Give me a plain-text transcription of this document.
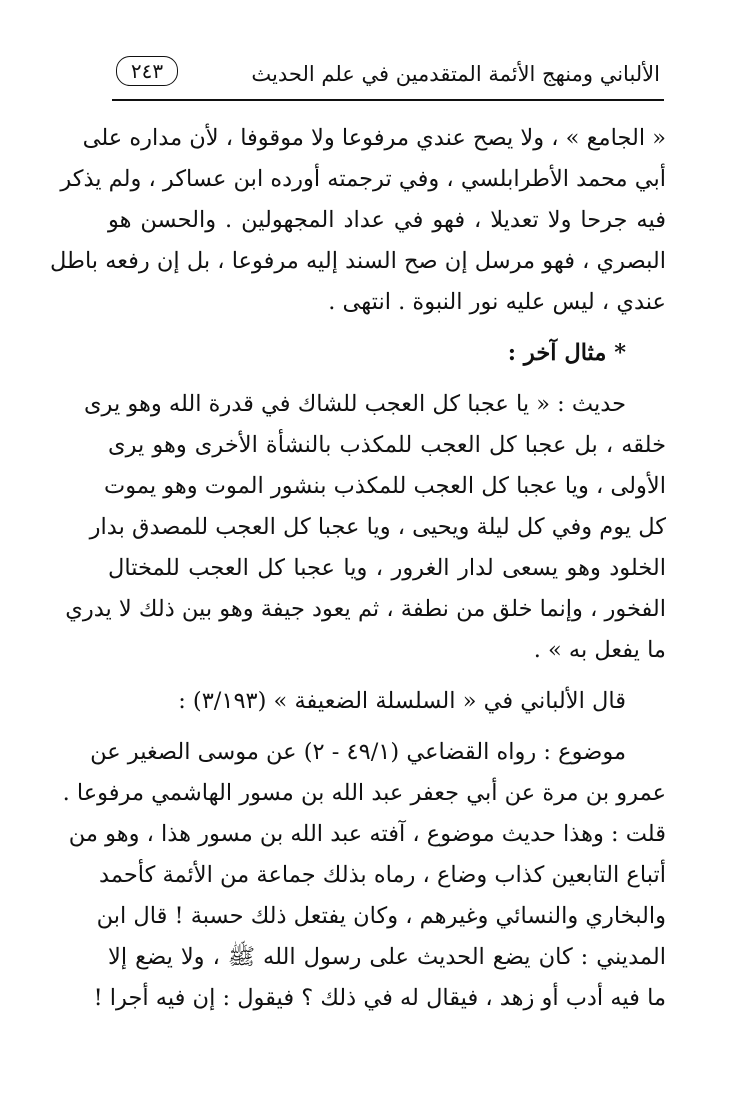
الألباني ومنهج الأئمة المتقدمين في علم الحديث
٢٤٣
« الجامع » ، ولا يصح عندي مرفوعا ولا موقوفا ، لأن مداره على
أبي محمد الأطرابلسي ، وفي ترجمته أورده ابن عساكر ، ولم يذكر
فيه جرحا ولا تعديلا ، فهو في عداد المجهولين . والحسن هو
البصري ، فهو مرسل إن صح السند إليه مرفوعا ، بل إن رفعه باطل
عندي ، ليس عليه نور النبوة . انتهى .
* مثال آخر :
حديث : « يا عجبا كل العجب للشاك في قدرة الله وهو يرى
خلقه ، بل عجبا كل العجب للمكذب بالنشأة الأخرى وهو يرى
الأولى ، ويا عجبا كل العجب للمكذب بنشور الموت وهو يموت
كل يوم وفي كل ليلة ويحيى ، ويا عجبا كل العجب للمصدق بدار
الخلود وهو يسعى لدار الغرور ، ويا عجبا كل العجب للمختال
الفخور ، وإنما خلق من نطفة ، ثم يعود جيفة وهو بين ذلك لا يدري
ما يفعل به » .
قال الألباني في « السلسلة الضعيفة » (٣/١٩٣) :
موضوع : رواه القضاعي (٤٩/١ - ٢) عن موسى الصغير عن
عمرو بن مرة عن أبي جعفر عبد الله بن مسور الهاشمي مرفوعا .
قلت : وهذا حديث موضوع ، آفته عبد الله بن مسور هذا ، وهو من
أتباع التابعين كذاب وضاع ، رماه بذلك جماعة من الأئمة كأحمد
والبخاري والنسائي وغيرهم ، وكان يفتعل ذلك حسبة ! قال ابن
المديني : كان يضع الحديث على رسول الله ﷺ ، ولا يضع إلا
ما فيه أدب أو زهد ، فيقال له في ذلك ؟ فيقول : إن فيه أجرا !
